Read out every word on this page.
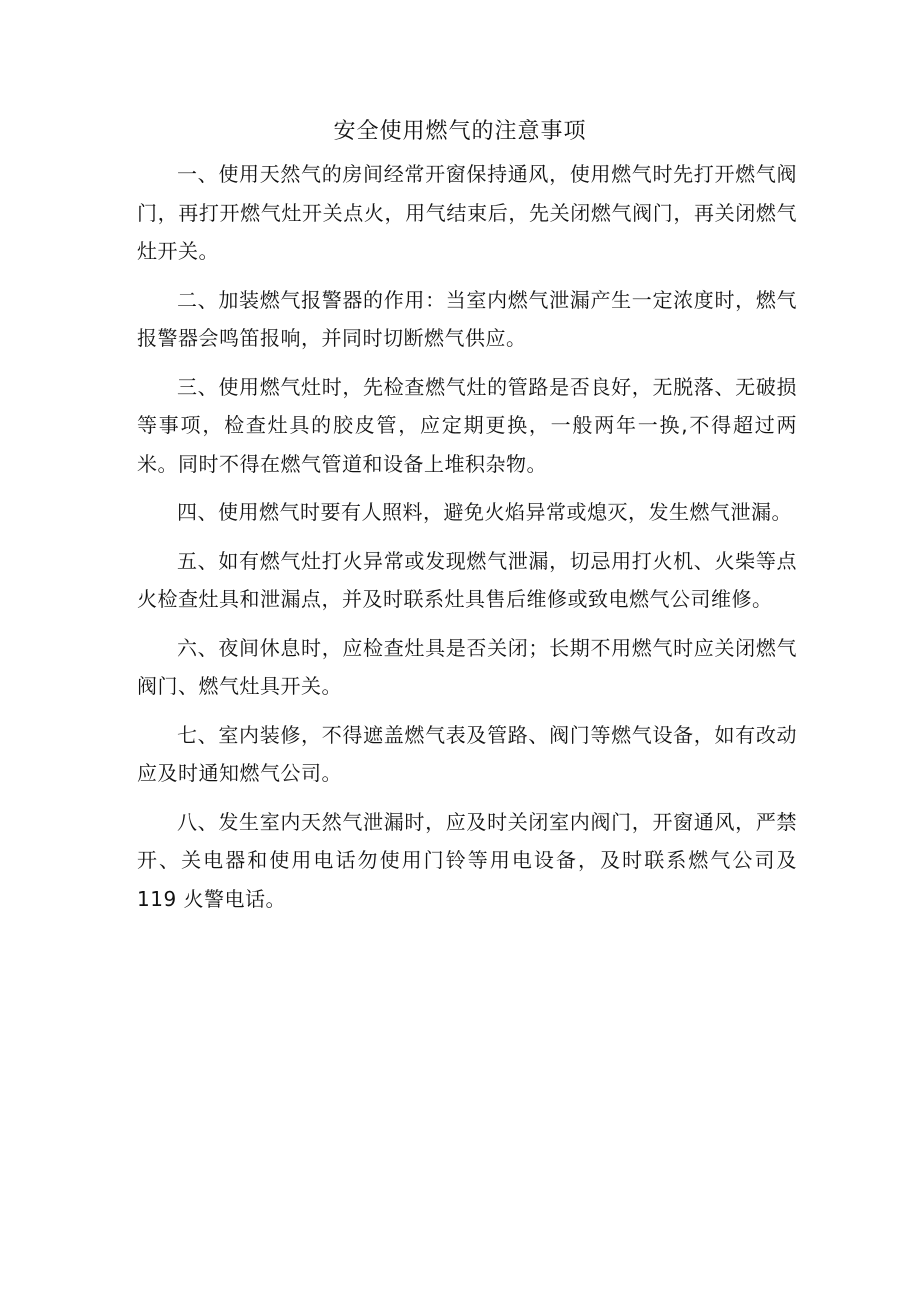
安全使用燃气的注意事项

一、使用天然气的房间经常开窗保持通风，使用燃气时先打开燃气阀门，再打开燃气灶开关点火，用气结束后，先关闭燃气阀门，再关闭燃气灶开关。

二、加装燃气报警器的作用：当室内燃气泄漏产生一定浓度时，燃气报警器会鸣笛报响，并同时切断燃气供应。

三、使用燃气灶时，先检查燃气灶的管路是否良好，无脱落、无破损等事项，检查灶具的胶皮管，应定期更换，一般两年一换,不得超过两米。同时不得在燃气管道和设备上堆积杂物。

四、使用燃气时要有人照料，避免火焰异常或熄灭，发生燃气泄漏。

五、如有燃气灶打火异常或发现燃气泄漏，切忌用打火机、火柴等点火检查灶具和泄漏点，并及时联系灶具售后维修或致电燃气公司维修。

六、夜间休息时，应检查灶具是否关闭；长期不用燃气时应关闭燃气阀门、燃气灶具开关。

七、室内装修，不得遮盖燃气表及管路、阀门等燃气设备，如有改动应及时通知燃气公司。

八、发生室内天然气泄漏时，应及时关闭室内阀门，开窗通风，严禁开、关电器和使用电话勿使用门铃等用电设备，及时联系燃气公司及 119 火警电话。
